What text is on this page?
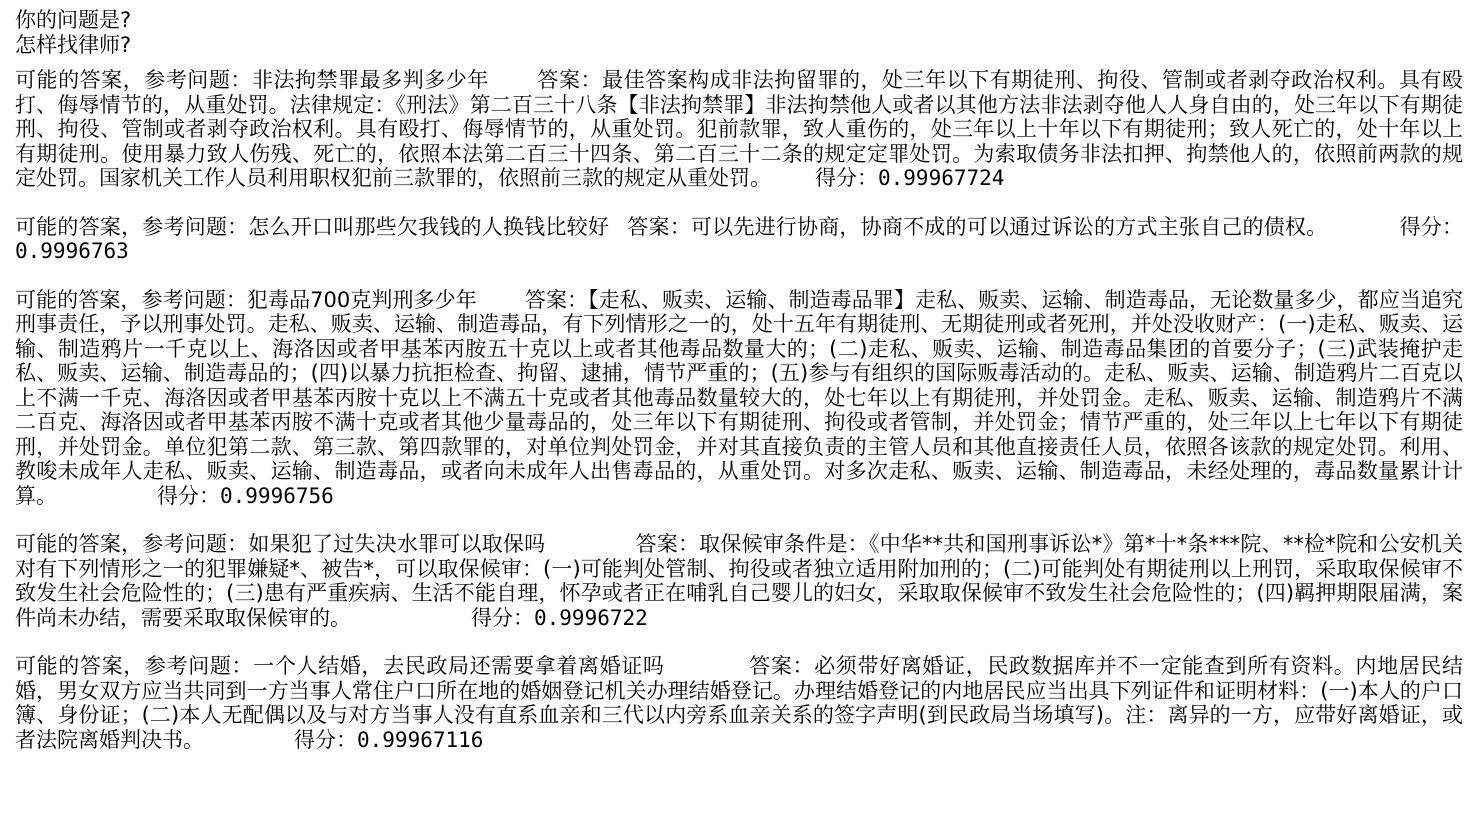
你的问题是?
怎样找律师?
可能的答案，参考问题：非法拘禁罪最多判多少年 答案：最佳答案构成非法拘留罪的，处三年以下有期徒刑、拘役、管制或者剥夺政治权利。具有殴打、侮辱情节的，从重处罚。法律规定：《刑法》第二百三十八条【非法拘禁罪】非法拘禁他人或者以其他方法非法剥夺他人人身自由的，处三年以下有期徒刑、拘役、管制或者剥夺政治权利。具有殴打、侮辱情节的，从重处罚。犯前款罪，致人重伤的，处三年以上十年以下有期徒刑；致人死亡的，处十年以上有期徒刑。使用暴力致人伤残、死亡的，依照本法第二百三十四条、第二百三十二条的规定定罪处罚。为索取债务非法扣押、拘禁他人的，依照前两款的规定处罚。国家机关工作人员利用职权犯前三款罪的，依照前三款的规定从重处罚。 得分：0.99967724
可能的答案，参考问题：怎么开口叫那些欠我钱的人换钱比较好 答案：可以先进行协商，协商不成的可以通过诉讼的方式主张自己的债权。	得分：0.9996763
可能的答案，参考问题：犯毒品700克判刑多少年 答案：【走私、贩卖、运输、制造毒品罪】走私、贩卖、运输、制造毒品，无论数量多少，都应当追究刑事责任，予以刑事处罚。走私、贩卖、运输、制造毒品，有下列情形之一的，处十五年有期徒刑、无期徒刑或者死刑，并处没收财产：(一)走私、贩卖、运输、制造鸦片一千克以上、海洛因或者甲基苯丙胺五十克以上或者其他毒品数量大的；(二)走私、贩卖、运输、制造毒品集团的首要分子；(三)武装掩护走私、贩卖、运输、制造毒品的；(四)以暴力抗拒检查、拘留、逮捕，情节严重的；(五)参与有组织的国际贩毒活动的。走私、贩卖、运输、制造鸦片二百克以上不满一千克、海洛因或者甲基苯丙胺十克以上不满五十克或者其他毒品数量较大的，处七年以上有期徒刑，并处罚金。走私、贩卖、运输、制造鸦片不满二百克、海洛因或者甲基苯丙胺不满十克或者其他少量毒品的，处三年以下有期徒刑、拘役或者管制，并处罚金；情节严重的，处三年以上七年以下有期徒刑，并处罚金。单位犯第二款、第三款、第四款罪的，对单位判处罚金，并对其直接负责的主管人员和其他直接责任人员，依照各该款的规定处罚。利用、教唆未成年人走私、贩卖、运输、制造毒品，或者向未成年人出售毒品的，从重处罚。对多次走私、贩卖、运输、制造毒品，未经处理的，毒品数量累计计算。	得分：0.9996756
可能的答案，参考问题：如果犯了过失决水罪可以取保吗	答案：取保候审条件是：《中华**共和国刑事诉讼*》第*十*条***院、**检*院和公安机关对有下列情形之一的犯罪嫌疑*、被告*，可以取保候审：(一)可能判处管制、拘役或者独立适用附加刑的；(二)可能判处有期徒刑以上刑罚，采取取保候审不致发生社会危险性的；(三)患有严重疾病、生活不能自理，怀孕或者正在哺乳自己婴儿的妇女，采取取保候审不致发生社会危险性的；(四)羁押期限届满，案件尚未办结，需要采取取保候审的。	得分：0.9996722
可能的答案，参考问题：一个人结婚，去民政局还需要拿着离婚证吗	答案：必须带好离婚证，民政数据库并不一定能查到所有资料。内地居民结婚，男女双方应当共同到一方当事人常住户口所在地的婚姻登记机关办理结婚登记。办理结婚登记的内地居民应当出具下列证件和证明材料：(一)本人的户口簿、身份证；(二)本人无配偶以及与对方当事人没有直系血亲和三代以内旁系血亲关系的签字声明(到民政局当场填写)。注：离异的一方，应带好离婚证，或者法院离婚判决书。	得分：0.99967116
